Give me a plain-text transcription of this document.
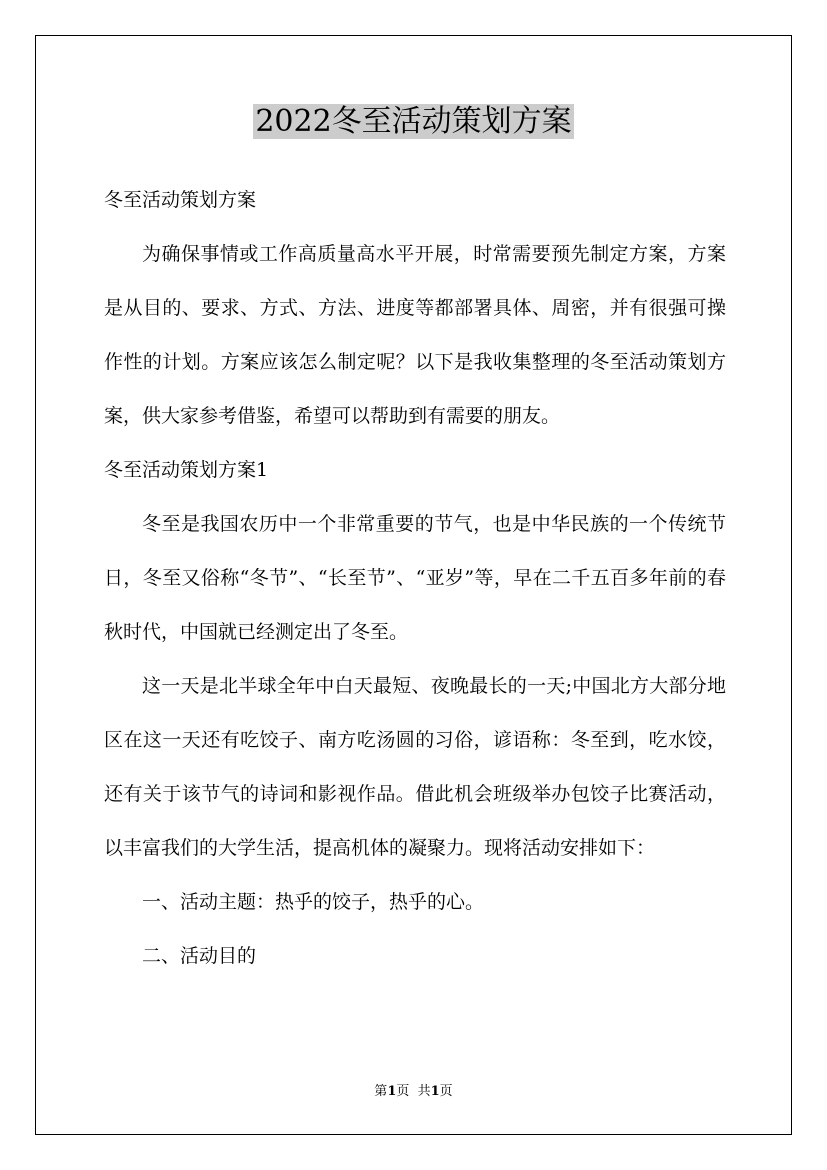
2022冬至活动策划方案

冬至活动策划方案

为确保事情或工作高质量高水平开展，时常需要预先制定方案，方案是从目的、要求、方式、方法、进度等都部署具体、周密，并有很强可操作性的计划。方案应该怎么制定呢？以下是我收集整理的冬至活动策划方案，供大家参考借鉴，希望可以帮助到有需要的朋友。

冬至活动策划方案1

冬至是我国农历中一个非常重要的节气，也是中华民族的一个传统节日，冬至又俗称“冬节”、“长至节”、“亚岁”等，早在二千五百多年前的春秋时代，中国就已经测定出了冬至。

这一天是北半球全年中白天最短、夜晚最长的一天;中国北方大部分地区在这一天还有吃饺子、南方吃汤圆的习俗，谚语称：冬至到，吃水饺，还有关于该节气的诗词和影视作品。借此机会班级举办包饺子比赛活动，以丰富我们的大学生活，提高机体的凝聚力。现将活动安排如下：

一、活动主题：热乎的饺子，热乎的心。

二、活动目的

第1页  共1页
